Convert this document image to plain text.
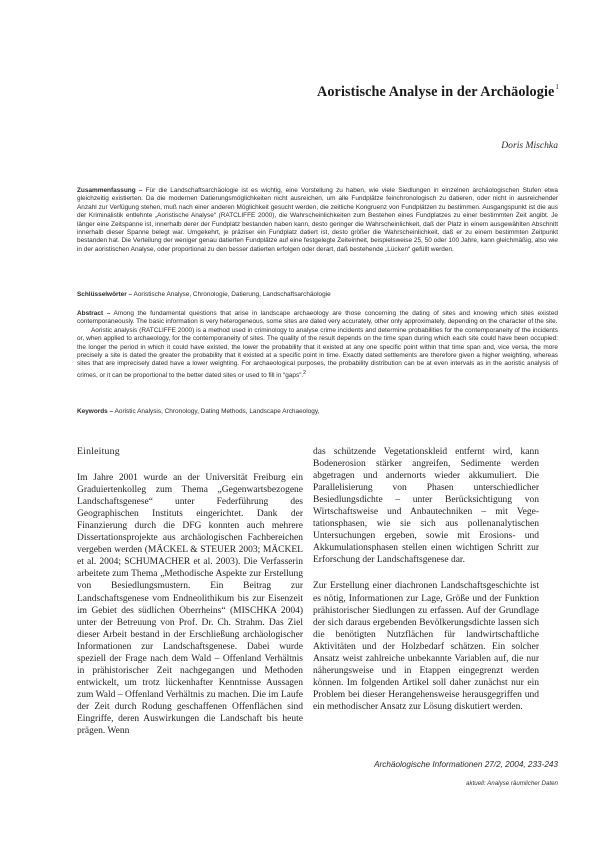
Aoristische Analyse in der Archäologie$^1$
Doris Mischka

Zusammenfassung – Für die Landschaftsarchäologie ist es wichtig, eine Vorstellung zu haben, wie viele Siedlungen in einzelnen archäologischen Stufen etwa gleichzeitig existierten. Da die modernen Datierungsmöglichkeiten nicht ausreichen, um alle Fundplätze feinchronologisch zu datieren, oder nicht in ausreichender Anzahl zur Verfügung stehen, muß nach einer anderen Möglichkeit gesucht werden, die zeitliche Kongruenz von Fundplätzen zu bestimmen. Ausgangspunkt ist die aus der Kriminalistik entlehnte „Aoristische Analyse“ (RATCLIFFE 2000), die Wahrscheinlichkeiten zum Bestehen eines Fundplatzes zu einer bestimmten Zeit angibt. Je länger eine Zeitspanne ist, innerhalb derer der Fundplatz bestanden haben kann, desto geringer die Wahrscheinlichkeit, daß der Platz in einem ausgewählten Abschnitt innerhalb dieser Spanne belegt war. Umgekehrt, je präziser ein Fundplatz datiert ist, desto größer die Wahrscheinlichkeit, daß er zu einem bestimmten Zeitpunkt bestanden hat. Die Verteilung der weniger genau datierten Fundplätze auf eine festgelegte Zeiteinheit, beispielsweise 25, 50 oder 100 Jahre, kann gleichmäßig, also wie in der aoristischen Analyse, oder proportional zu den besser datierten erfolgen oder derart, daß bestehende „Lücken“ gefüllt werden.

Schlüsselwörter – Aoristische Analyse, Chronologie, Datierung, Landschaftsarchäologie

Abstract – Among the fundamental questions that arise in landscape archaeology are those concerning the dating of sites and knowing which sites existed contemporaneously. The basic information is very heterogeneous, some sites are dated very accurately, other only approximately, depending on the character of the site.

Aoristic analysis (RATCLIFFE 2000) is a method used in criminology to analyse crime incidents and determine probabilities for the contemporaneity of the incidents or, when applied to archaeology, for the contemporaneity of sites. The quality of the result depends on the time span during which each site could have been occupied: the longer the period in which it could have existed, the lower the probability that it existed at any one specific point within that time span and, vice versa, the more precisely a site is dated the greater the probability that it existed at a specific point in time. Exactly dated settlements are therefore given a higher weighting, whereas sites that are imprecisely dated have a lower weighting. For archaeological purposes, the probability distribution can be at even intervals as in the aoristic analysis of crimes, or it can be proportional to the better dated sites or used to fill in “gaps”.$^2$

Keywords – Aoristic Analysis, Chronology, Dating Methods, Landscape Archaeology,

Einleitung

Im Jahre 2001 wurde an der Universität Freiburg ein Graduiertenkolleg zum Thema „Gegenwartsbezogene Landschaftsgenese“ unter Federführung des Geographischen Instituts eingerichtet. Dank der Finanzierung durch die DFG konnten auch mehrere Dissertationsprojekte aus archäologischen Fachbereichen vergeben werden (MÄCKEL & STEUER 2003; MÄCKEL et al. 2004; SCHUMACHER et al. 2003). Die Verfasserin arbeitete zum Thema „Methodische Aspekte zur Erstellung von Besiedlungsmustern. Ein Beitrag zur Landschaftsgenese vom Endneolithikum bis zur Eisenzeit im Gebiet des südlichen Oberrheins“ (MISCHKA 2004) unter der Betreuung von Prof. Dr. Ch. Strahm. Das Ziel dieser Arbeit bestand in der Erschließung archäologischer Informationen zur Landschaftsgenese. Dabei wurde speziell der Frage nach dem Wald – Offenland Verhältnis in prähistorischer Zeit nachgegangen und Methoden entwickelt, um trotz lückenhafter Kenntnisse Aussagen zum Wald – Offenland Verhältnis zu machen. Die im Laufe der Zeit durch Rodung geschaffenen Offenflächen sind Eingriffe, deren Auswirkungen die Landschaft bis heute prägen. Wenn

das schützende Vegetationskleid entfernt wird, kann Bodenerosion stärker angreifen, Sedimente werden abgetragen und andernorts wieder akkumuliert. Die Parallelisierung von Phasen unterschiedlicher Besiedlungsdichte – unter Berücksichtigung von Wirtschaftsweise und Anbautechniken – mit Vegetationsphasen, wie sie sich aus pollenanalytischen Untersuchungen ergeben, sowie mit Erosions- und Akkumulationsphasen stellen einen wichtigen Schritt zur Erforschung der Landschaftsgenese dar.

Zur Erstellung einer diachronen Landschaftsgeschichte ist es nötig, Informationen zur Lage, Größe und der Funktion prähistorischer Siedlungen zu erfassen. Auf der Grundlage der sich daraus ergebenden Bevölkerungsdichte lassen sich die benötigten Nutzflächen für landwirtschaftliche Aktivitäten und der Holzbedarf schätzen. Ein solcher Ansatz weist zahlreiche unbekannte Variablen auf, die nur näherungsweise und in Etappen eingegrenzt werden können. Im folgenden Artikel soll daher zunächst nur ein Problem bei dieser Herangehensweise herausgegriffen und ein methodischer Ansatz zur Lösung diskutiert werden.

Archäologische Informationen 27/2, 2004, 233-243
aktuell: Analyse räumlicher Daten
